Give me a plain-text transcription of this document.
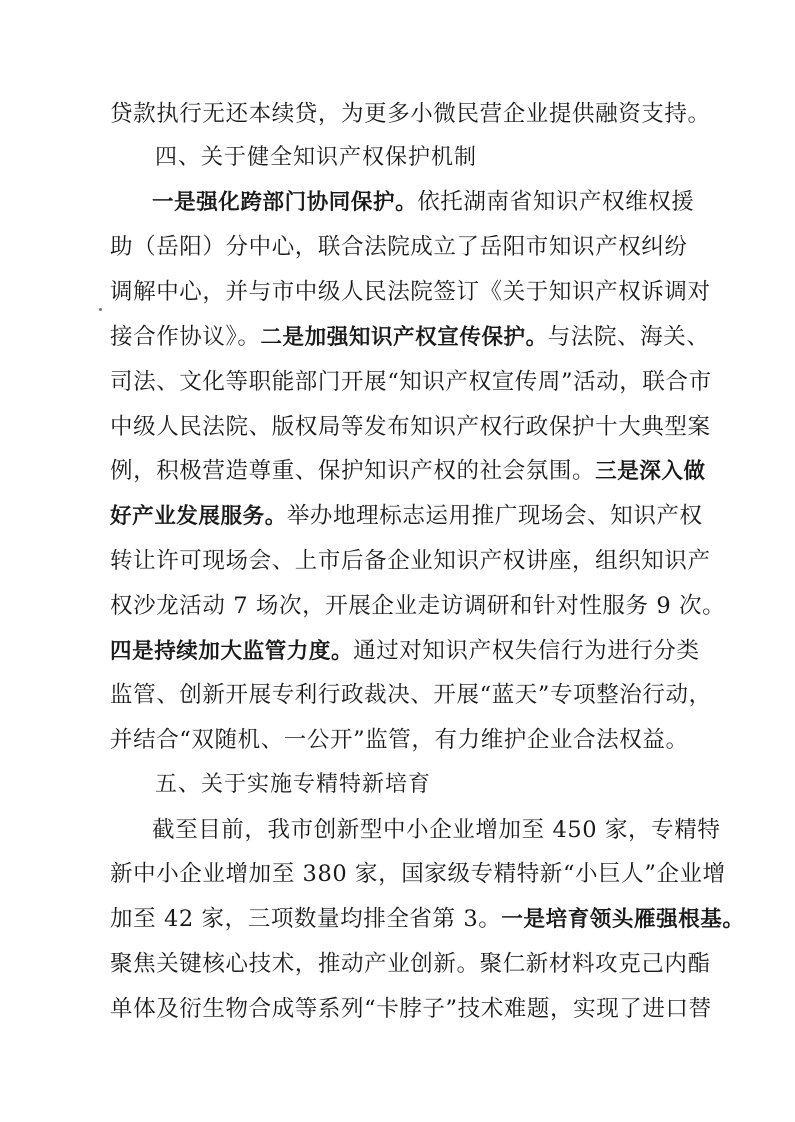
贷款执行无还本续贷，为更多小微民营企业提供融资支持。
四、关于健全知识产权保护机制
一是强化跨部门协同保护。依托湖南省知识产权维权援
助（岳阳）分中心，联合法院成立了岳阳市知识产权纠纷
调解中心，并与市中级人民法院签订《关于知识产权诉调对
接合作协议》。二是加强知识产权宣传保护。与法院、海关、
司法、文化等职能部门开展“知识产权宣传周”活动，联合市
中级人民法院、版权局等发布知识产权行政保护十大典型案
例，积极营造尊重、保护知识产权的社会氛围。三是深入做
好产业发展服务。举办地理标志运用推广现场会、知识产权
转让许可现场会、上市后备企业知识产权讲座，组织知识产
权沙龙活动 7 场次，开展企业走访调研和针对性服务 9 次。
四是持续加大监管力度。通过对知识产权失信行为进行分类
监管、创新开展专利行政裁决、开展“蓝天”专项整治行动，
并结合“双随机、一公开”监管，有力维护企业合法权益。
五、关于实施专精特新培育
截至目前，我市创新型中小企业增加至 450 家，专精特
新中小企业增加至 380 家，国家级专精特新“小巨人”企业增
加至 42 家，三项数量均排全省第 3。一是培育领头雁强根基。
聚焦关键核心技术，推动产业创新。聚仁新材料攻克己内酯
单体及衍生物合成等系列“卡脖子”技术难题，实现了进口替
